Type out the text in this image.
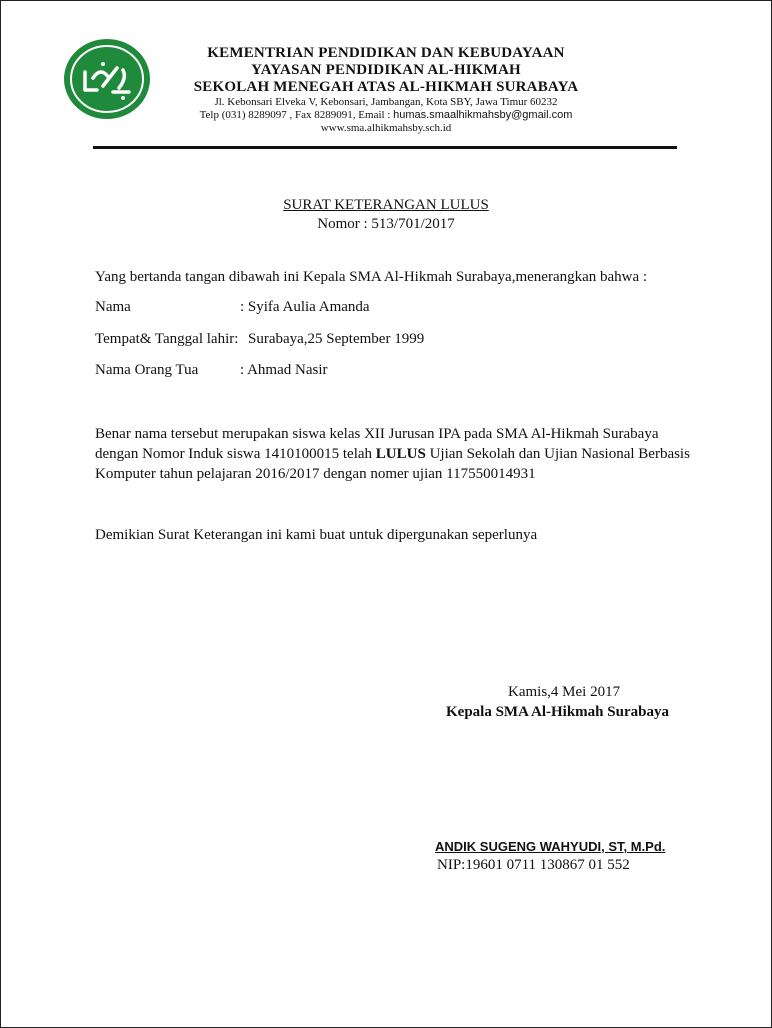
KEMENTRIAN PENDIDIKAN DAN KEBUDAYAAN
YAYASAN PENDIDIKAN AL-HIKMAH
SEKOLAH MENEGAH ATAS AL-HIKMAH SURABAYA
Jl. Kebonsari Elveka V, Kebonsari, Jambangan, Kota SBY, Jawa Timur 60232
Telp (031) 8289097 , Fax 8289091, Email : humas.smaalhikmahsby@gmail.com
www.sma.alhikmahsby.sch.id
SURAT KETERANGAN LULUS
Nomor : 513/701/2017
Yang bertanda tangan dibawah ini Kepala SMA Al-Hikmah Surabaya,menerangkan bahwa :
Nama	: Syifa Aulia Amanda
Tempat& Tanggal lahir: Surabaya,25 September 1999
Nama Orang Tua	: Ahmad Nasir
Benar nama tersebut merupakan siswa kelas XII Jurusan IPA pada SMA Al-Hikmah Surabaya dengan Nomor Induk siswa 1410100015 telah LULUS Ujian Sekolah dan Ujian Nasional Berbasis Komputer tahun pelajaran 2016/2017 dengan nomer ujian 117550014931
Demikian Surat Keterangan ini kami buat untuk dipergunakan seperlunya
Kamis,4 Mei 2017
Kepala SMA Al-Hikmah Surabaya
ANDIK SUGENG WAHYUDI, ST, M.Pd.
NIP:19601 0711 130867 01 552
